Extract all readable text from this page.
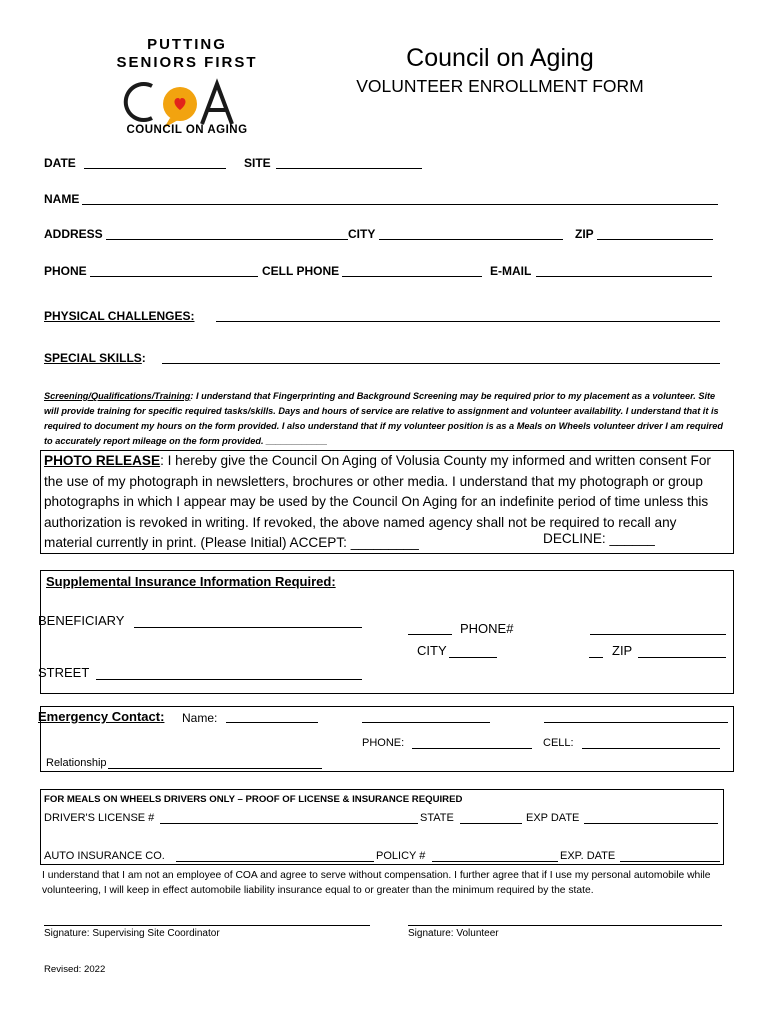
PUTTING
SENIORS FIRST
COUNCIL ON AGING
Council on Aging
VOLUNTEER ENROLLMENT FORM
DATE	SITE
NAME
ADDRESS	CITY	ZIP
PHONE	CELL PHONE	E-MAIL
PHYSICAL CHALLENGES:
SPECIAL SKILLS:
Screening/Qualifications/Training: I understand that Fingerprinting and Background Screening may be required prior to my placement as a volunteer. Site will provide training for specific required tasks/skills. Days and hours of service are relative to assignment and volunteer availability. I understand that it is required to document my hours on the form provided. I also understand that if my volunteer position is as a Meals on Wheels volunteer driver I am required to accurately report mileage on the form provided. ____________
PHOTO RELEASE: I hereby give the Council On Aging of Volusia County my informed and written consent For the use of my photograph in newsletters, brochures or other media. I understand that my photograph or group photographs in which I appear may be used by the Council On Aging for an indefinite period of time unless this authorization is revoked in writing. If revoked, the above named agency shall not be required to recall any material currently in print. (Please Initial) ACCEPT: _________	DECLINE: ______
Supplemental Insurance Information Required:
BENEFICIARY
PHONE#
CITY	ZIP
STREET
Emergency Contact: Name:
PHONE:	CELL:
Relationship
FOR MEALS ON WHEELS DRIVERS ONLY – PROOF OF LICENSE & INSURANCE REQUIRED
DRIVER'S LICENSE #	STATE	EXP DATE
AUTO INSURANCE CO.	POLICY #	EXP. DATE
I understand that I am not an employee of COA and agree to serve without compensation. I further agree that if I use my personal automobile while volunteering, I will keep in effect automobile liability insurance equal to or greater than the minimum required by the state.
Signature: Supervising Site Coordinator	Signature: Volunteer
Revised: 2022
